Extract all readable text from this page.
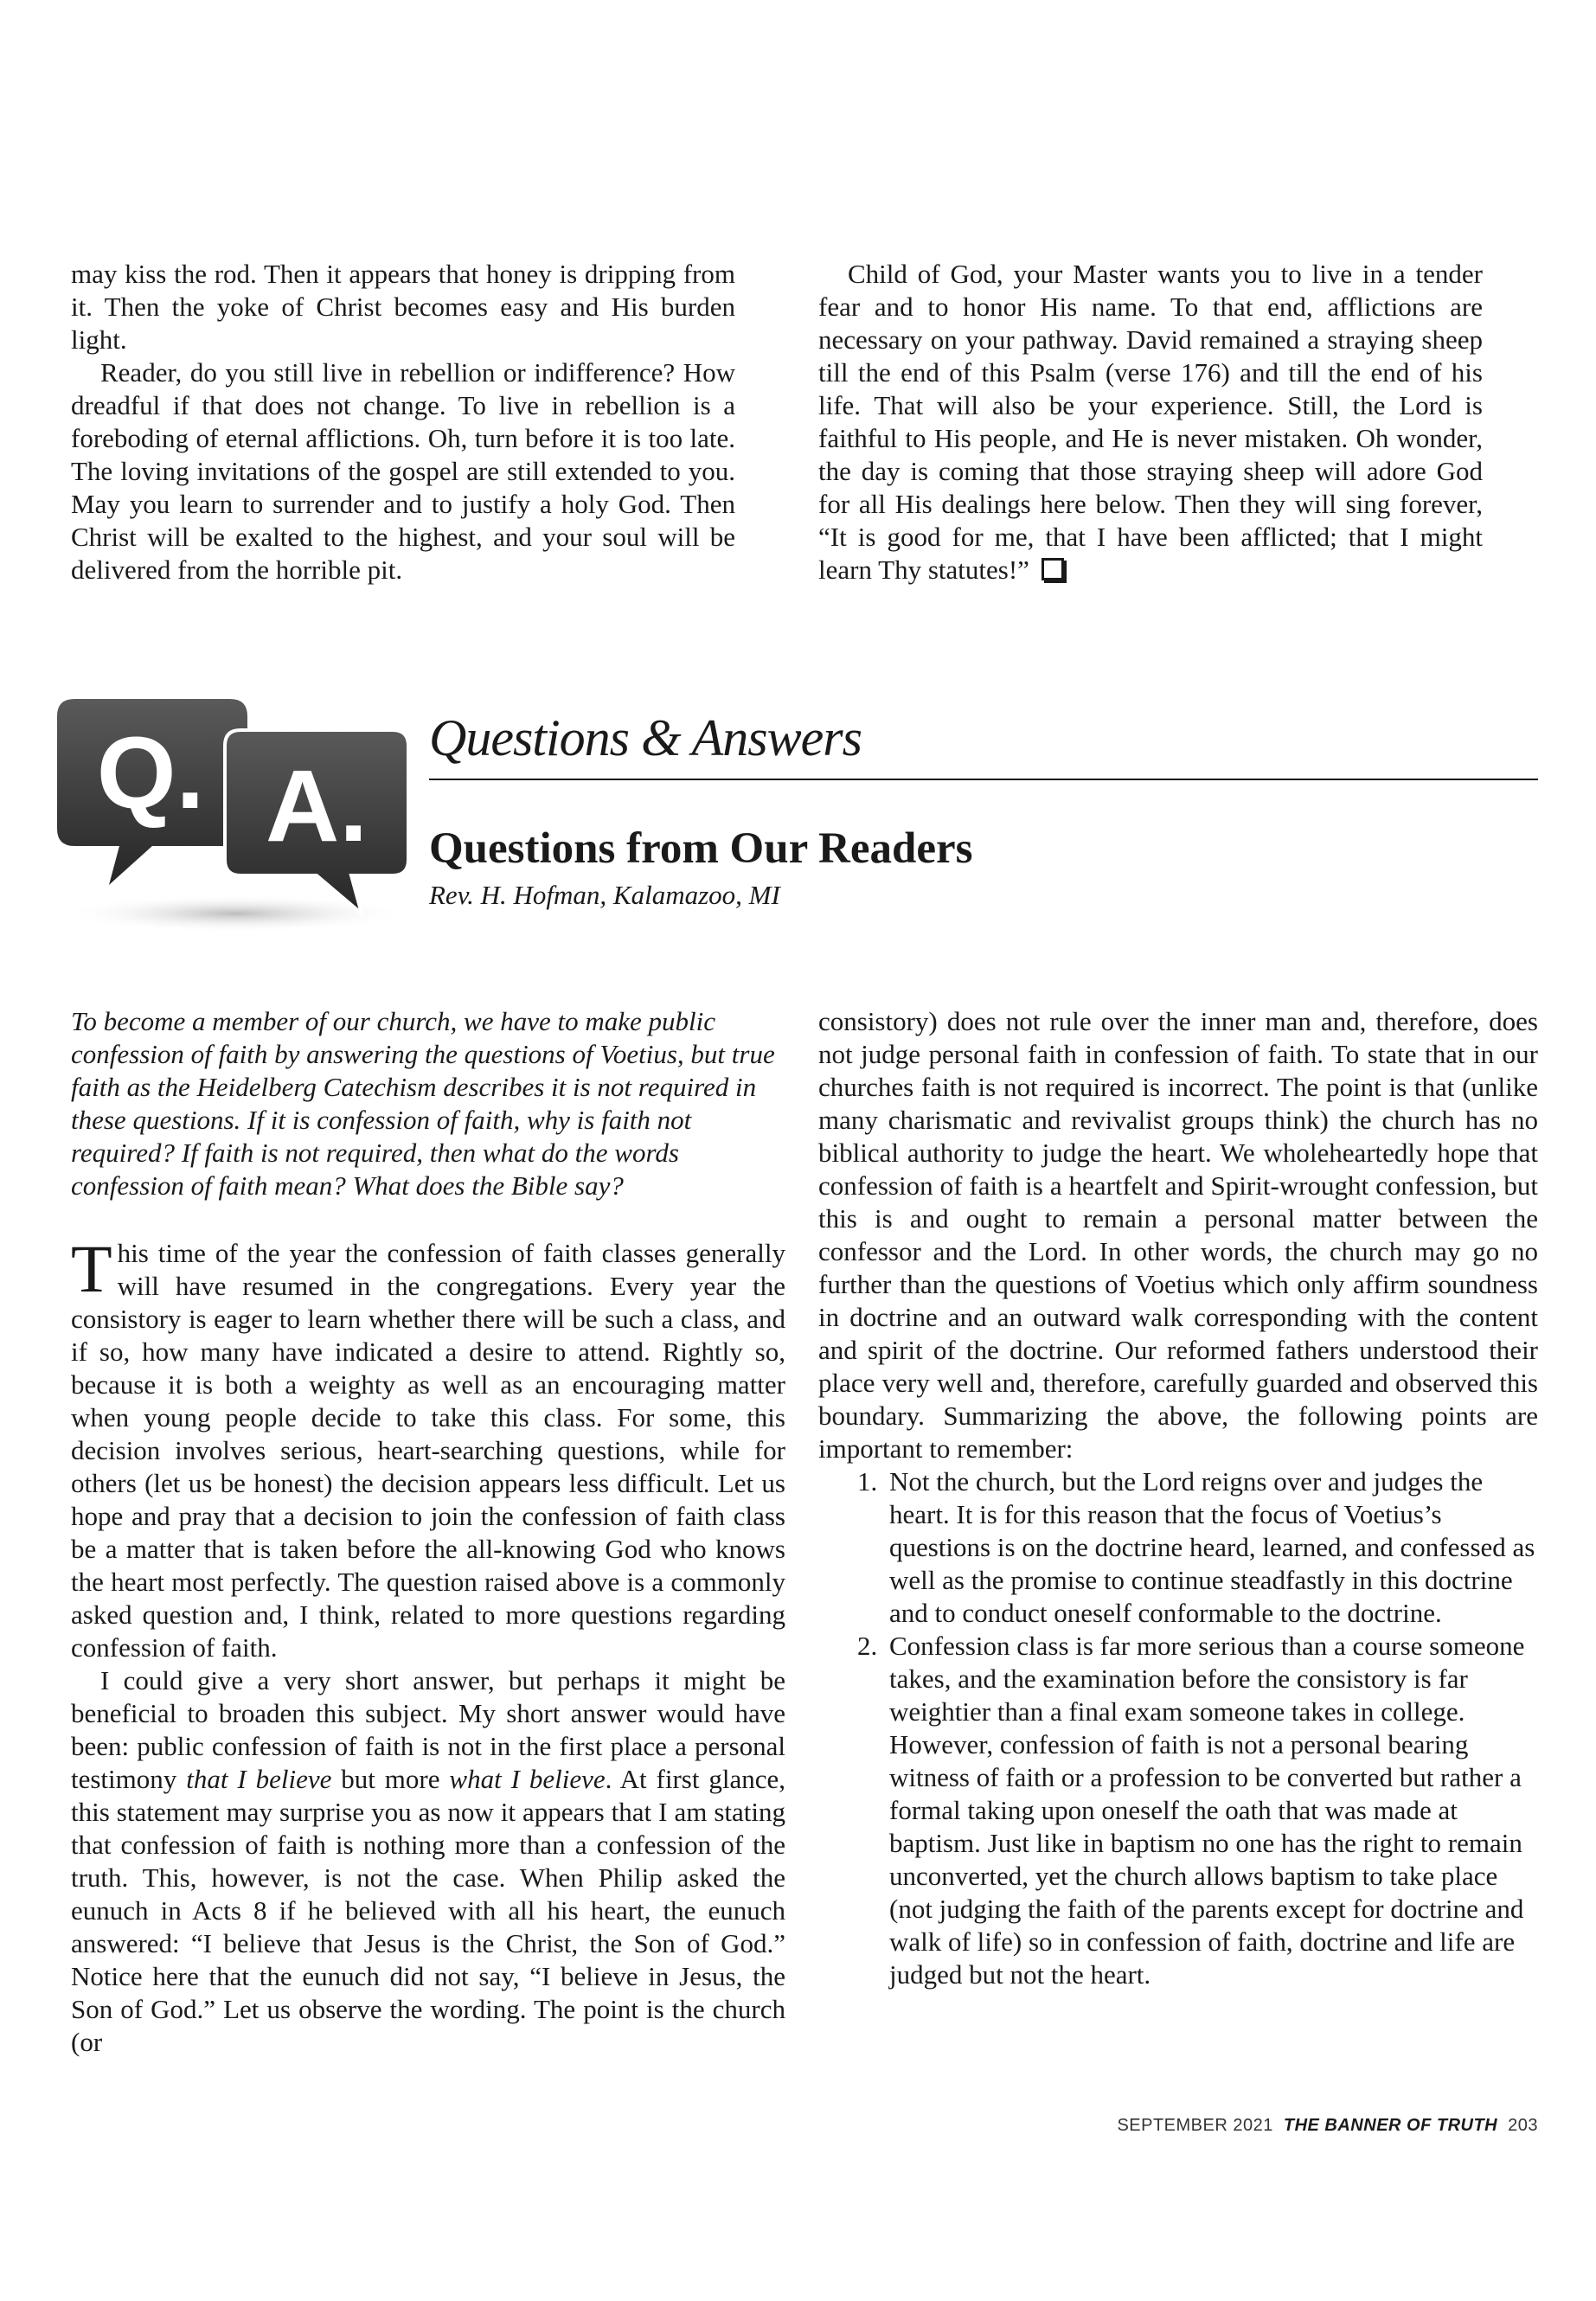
may kiss the rod. Then it appears that honey is dripping from it. Then the yoke of Christ becomes easy and His burden light.

Reader, do you still live in rebellion or indifference? How dreadful if that does not change. To live in rebellion is a foreboding of eternal afflictions. Oh, turn before it is too late. The loving invitations of the gospel are still extended to you. May you learn to surrender and to justify a holy God. Then Christ will be exalted to the highest, and your soul will be delivered from the horrible pit.

Child of God, your Master wants you to live in a tender fear and to honor His name. To that end, afflictions are necessary on your pathway. David remained a straying sheep till the end of this Psalm (verse 176) and till the end of his life. That will also be your experience. Still, the Lord is faithful to His people, and He is never mistaken. Oh wonder, the day is coming that those straying sheep will adore God for all His dealings here below. Then they will sing forever, “It is good for me, that I have been afflicted; that I might learn Thy statutes!”

Q. A.
Questions & Answers
Questions from Our Readers
Rev. H. Hofman, Kalamazoo, MI

To become a member of our church, we have to make public confession of faith by answering the questions of Voetius, but true faith as the Heidelberg Catechism describes it is not required in these questions. If it is confession of faith, why is faith not required? If faith is not required, then what do the words confession of faith mean? What does the Bible say?

This time of the year the confession of faith classes generally will have resumed in the congregations. Every year the consistory is eager to learn whether there will be such a class, and if so, how many have indicated a desire to attend. Rightly so, because it is both a weighty as well as an encouraging matter when young people decide to take this class. For some, this decision involves serious, heart-searching questions, while for others (let us be honest) the decision appears less difficult. Let us hope and pray that a decision to join the confession of faith class be a matter that is taken before the all-knowing God who knows the heart most perfectly. The question raised above is a commonly asked question and, I think, related to more questions regarding confession of faith.

I could give a very short answer, but perhaps it might be beneficial to broaden this subject. My short answer would have been: public confession of faith is not in the first place a personal testimony that I believe but more what I believe. At first glance, this statement may surprise you as now it appears that I am stating that confession of faith is nothing more than a confession of the truth. This, however, is not the case. When Philip asked the eunuch in Acts 8 if he believed with all his heart, the eunuch answered: “I believe that Jesus is the Christ, the Son of God.” Notice here that the eunuch did not say, “I believe in Jesus, the Son of God.” Let us observe the wording. The point is the church (or

consistory) does not rule over the inner man and, therefore, does not judge personal faith in confession of faith. To state that in our churches faith is not required is incorrect. The point is that (unlike many charismatic and revivalist groups think) the church has no biblical authority to judge the heart. We wholeheartedly hope that confession of faith is a heartfelt and Spirit-wrought confession, but this is and ought to remain a personal matter between the confessor and the Lord. In other words, the church may go no further than the questions of Voetius which only affirm soundness in doctrine and an outward walk corresponding with the content and spirit of the doctrine. Our reformed fathers understood their place very well and, therefore, carefully guarded and observed this boundary. Summarizing the above, the following points are important to remember:

1. Not the church, but the Lord reigns over and judges the heart. It is for this reason that the focus of Voetius’s questions is on the doctrine heard, learned, and confessed as well as the promise to continue steadfastly in this doctrine and to conduct oneself conformable to the doctrine.
2. Confession class is far more serious than a course someone takes, and the examination before the consistory is far weightier than a final exam someone takes in college. However, confession of faith is not a personal bearing witness of faith or a profession to be converted but rather a formal taking upon oneself the oath that was made at baptism. Just like in baptism no one has the right to remain unconverted, yet the church allows baptism to take place (not judging the faith of the parents except for doctrine and walk of life) so in confession of faith, doctrine and life are judged but not the heart.
SEPTEMBER 2021 THE BANNER OF TRUTH 203
